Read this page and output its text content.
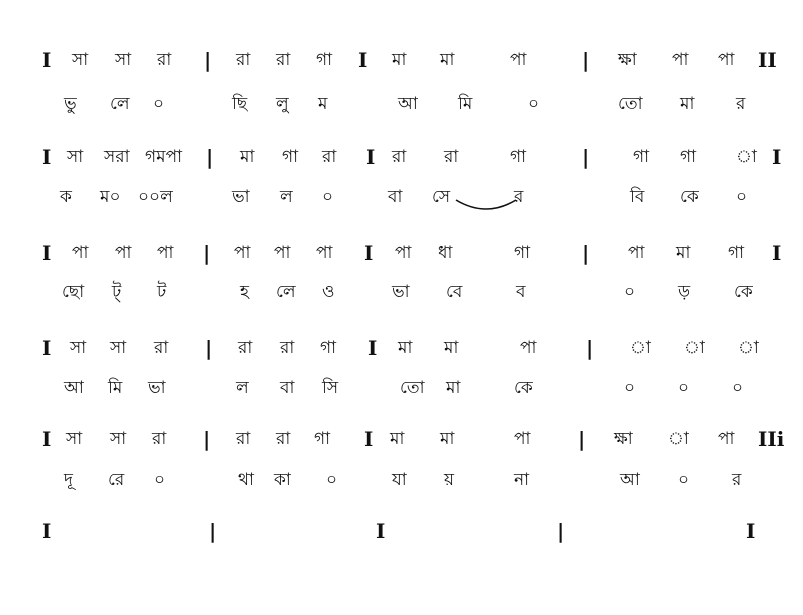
I সা সা রা | রা রা গা I মা মা	পা	| ক্ষা পা পা II
ভু লে ০	ছি লু ম	আ মি	০	তো মা র
I সা সরা গমপা | মা গা রা I রা রা	গা	|	গা গা া I
ক ম০ ০০ল	ভা ল ০	বা সে	র	বি কে ০
I পা পা পা | পা পা পা I পা ধা	গা	| পা মা গা I
ছো ট্ ট	হ লে ও	ভা বে	ব	০	ড়	কে
I সা সা রা | রা রা গা I মা মা	পা | া া া
আ মি ভা	ল বা সি	তো মা	কে	০	০	০
I সা সা রা | রা রা গা I মা মা	পা | ক্ষা া পা IIi
দূ রে ০	থা কা ০	যা য়	না	আ ০	র
I	|	I	|	I
